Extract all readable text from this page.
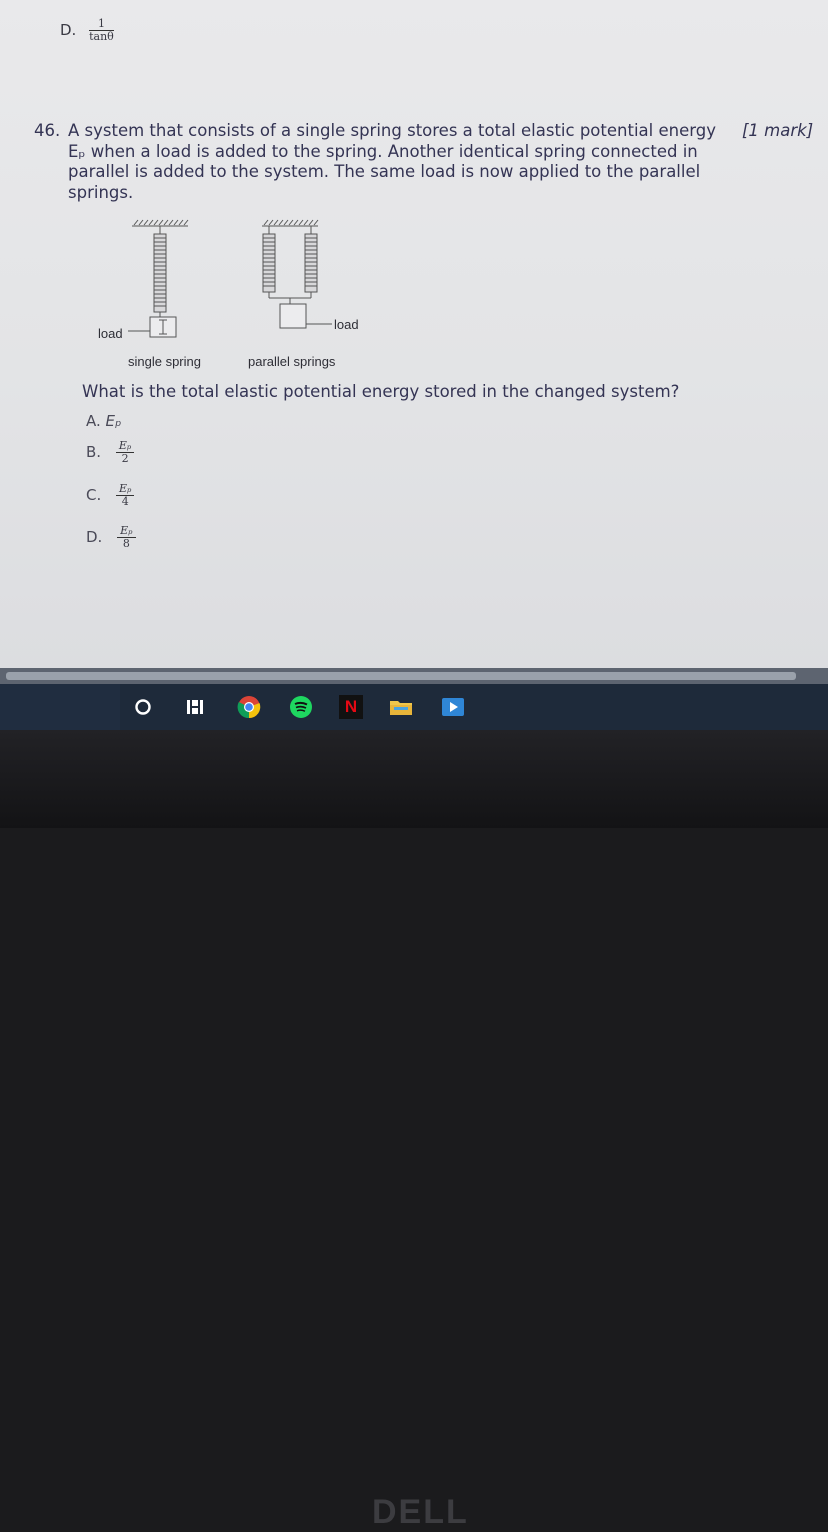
D. $\frac{1}{\tan\theta}$
46. A system that consists of a single spring stores a total elastic potential energy Eₚ when a load is added to the spring. Another identical spring connected in parallel is added to the system. The same load is now applied to the parallel springs.
[1 mark]
load
load
single spring	parallel springs
What is the total elastic potential energy stored in the changed system?
A. Eₚ
B. $\frac{\text{Eₚ}}{2}$
C. $\frac{\text{Eₚ}}{4}$
D. $\frac{\text{Eₚ}}{8}$
N
DELL
